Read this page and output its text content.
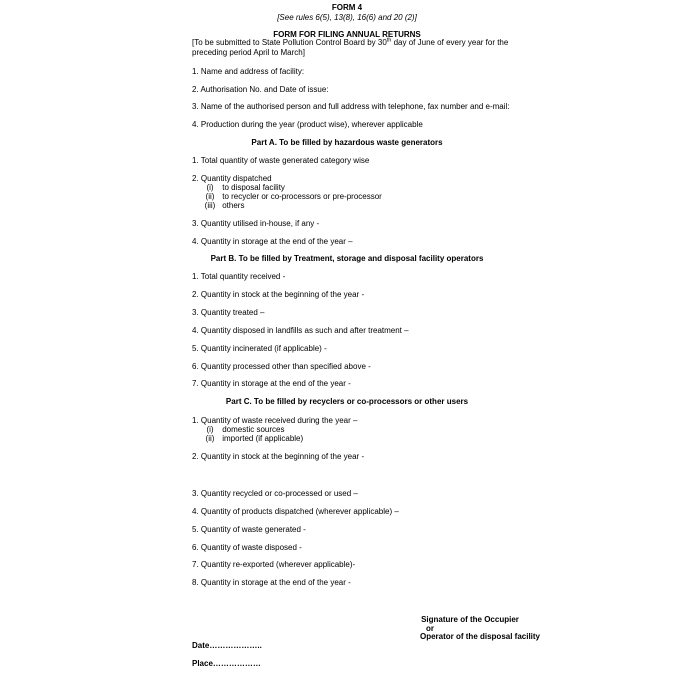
FORM 4
[See rules 6(5), 13(8), 16(6) and 20 (2)]
FORM FOR FILING ANNUAL RETURNS
[To be submitted to State Pollution Control Board by 30th day of June of every year for the preceding period April to March]
1. Name and address of facility:
2. Authorisation No. and Date of issue:
3. Name of the authorised person and full address with telephone, fax number and e-mail:
4. Production during the year (product wise), wherever applicable
Part A. To be filled by hazardous waste generators
1. Total quantity of waste generated category wise
2. Quantity dispatched
(i) to disposal facility
(ii) to recycler or co-processors or pre-processor
(iii) others
3. Quantity utilised in-house, if any -
4. Quantity in storage at the end of the year –
Part B. To be filled by Treatment, storage and disposal facility operators
1. Total quantity received -
2. Quantity in stock at the beginning of the year -
3. Quantity treated –
4. Quantity disposed in landfills as such and after treatment –
5. Quantity incinerated (if applicable) -
6. Quantity processed other than specified above -
7. Quantity in storage at the end of the year -
Part C. To be filled by recyclers or co-processors or other users
1. Quantity of waste received during the year –
(i) domestic sources
(ii) imported (if applicable)
2. Quantity in stock at the beginning of the year -
3. Quantity recycled or co-processed or used –
4. Quantity of products dispatched (wherever applicable) –
5. Quantity of waste generated -
6. Quantity of waste disposed -
7. Quantity re-exported (wherever applicable)-
8. Quantity in storage at the end of the year -
Signature of the Occupier
or
Operator of the disposal facility
Date………………..
Place………………
